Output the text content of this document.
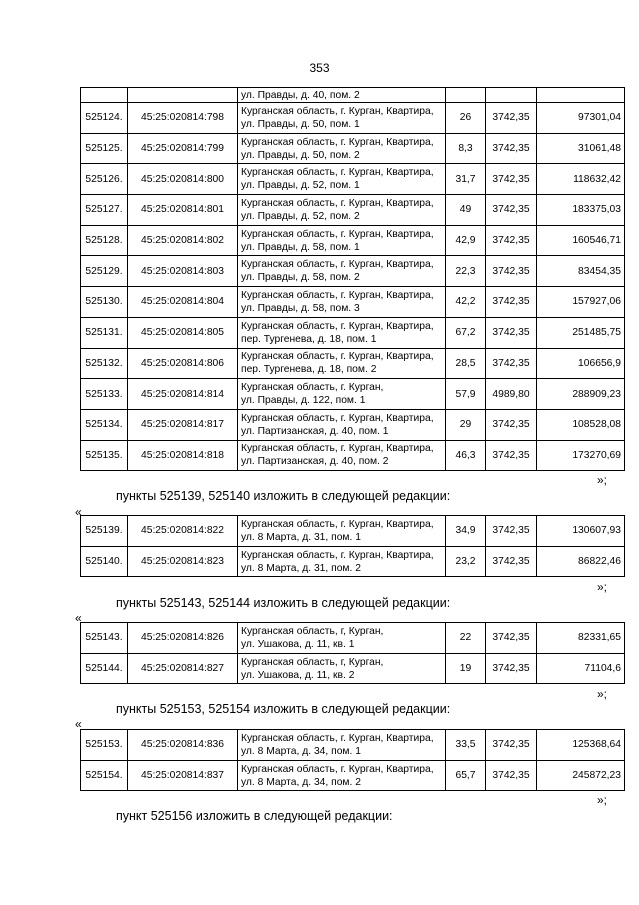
353
		ул. Правды, д. 40, пом. 2			
525124.	45:25:020814:798	Курганская область, г. Курган, Квартира,
ул. Правды, д. 50, пом. 1	26	3742,35	97301,04
525125.	45:25:020814:799	Курганская область, г. Курган, Квартира,
ул. Правды, д. 50, пом. 2	8,3	3742,35	31061,48
525126.	45:25:020814:800	Курганская область, г. Курган, Квартира,
ул. Правды, д. 52, пом. 1	31,7	3742,35	118632,42
525127.	45:25:020814:801	Курганская область, г. Курган, Квартира,
ул. Правды, д. 52, пом. 2	49	3742,35	183375,03
525128.	45:25:020814:802	Курганская область, г. Курган, Квартира,
ул. Правды, д. 58, пом. 1	42,9	3742,35	160546,71
525129.	45:25:020814:803	Курганская область, г. Курган, Квартира,
ул. Правды, д. 58, пом. 2	22,3	3742,35	83454,35
525130.	45:25:020814:804	Курганская область, г. Курган, Квартира,
ул. Правды, д. 58, пом. 3	42,2	3742,35	157927,06
525131.	45:25:020814:805	Курганская область, г. Курган, Квартира,
пер. Тургенева, д. 18, пом. 1	67,2	3742,35	251485,75
525132.	45:25:020814:806	Курганская область, г. Курган, Квартира,
пер. Тургенева, д. 18, пом. 2	28,5	3742,35	106656,9
525133.	45:25:020814:814	Курганская область, г. Курган,
ул. Правды, д. 122, пом. 1	57,9	4989,80	288909,23
525134.	45:25:020814:817	Курганская область, г. Курган, Квартира,
ул. Партизанская, д. 40, пом. 1	29	3742,35	108528,08
525135.	45:25:020814:818	Курганская область, г. Курган, Квартира,
ул. Партизанская, д. 40, пом. 2	46,3	3742,35	173270,69
»;
пункты 525139, 525140 изложить в следующей редакции:
«
525139.	45:25:020814:822	Курганская область, г. Курган, Квартира,
ул. 8 Марта, д. 31, пом. 1	34,9	3742,35	130607,93
525140.	45:25:020814:823	Курганская область, г. Курган, Квартира,
ул. 8 Марта, д. 31, пом. 2	23,2	3742,35	86822,46
»;
пункты 525143, 525144 изложить в следующей редакции:
«
525143.	45:25:020814:826	Курганская область, г, Курган,
ул. Ушакова, д. 11, кв. 1	22	3742,35	82331,65
525144.	45:25:020814:827	Курганская область, г, Курган,
ул. Ушакова, д. 11, кв. 2	19	3742,35	71104,6
»;
пункты 525153, 525154 изложить в следующей редакции:
«
525153.	45:25:020814:836	Курганская область, г. Курган, Квартира,
ул. 8 Марта, д. 34, пом. 1	33,5	3742,35	125368,64
525154.	45:25:020814:837	Курганская область, г. Курган, Квартира,
ул. 8 Марта, д. 34, пом. 2	65,7	3742,35	245872,23
»;
пункт 525156 изложить в следующей редакции:
